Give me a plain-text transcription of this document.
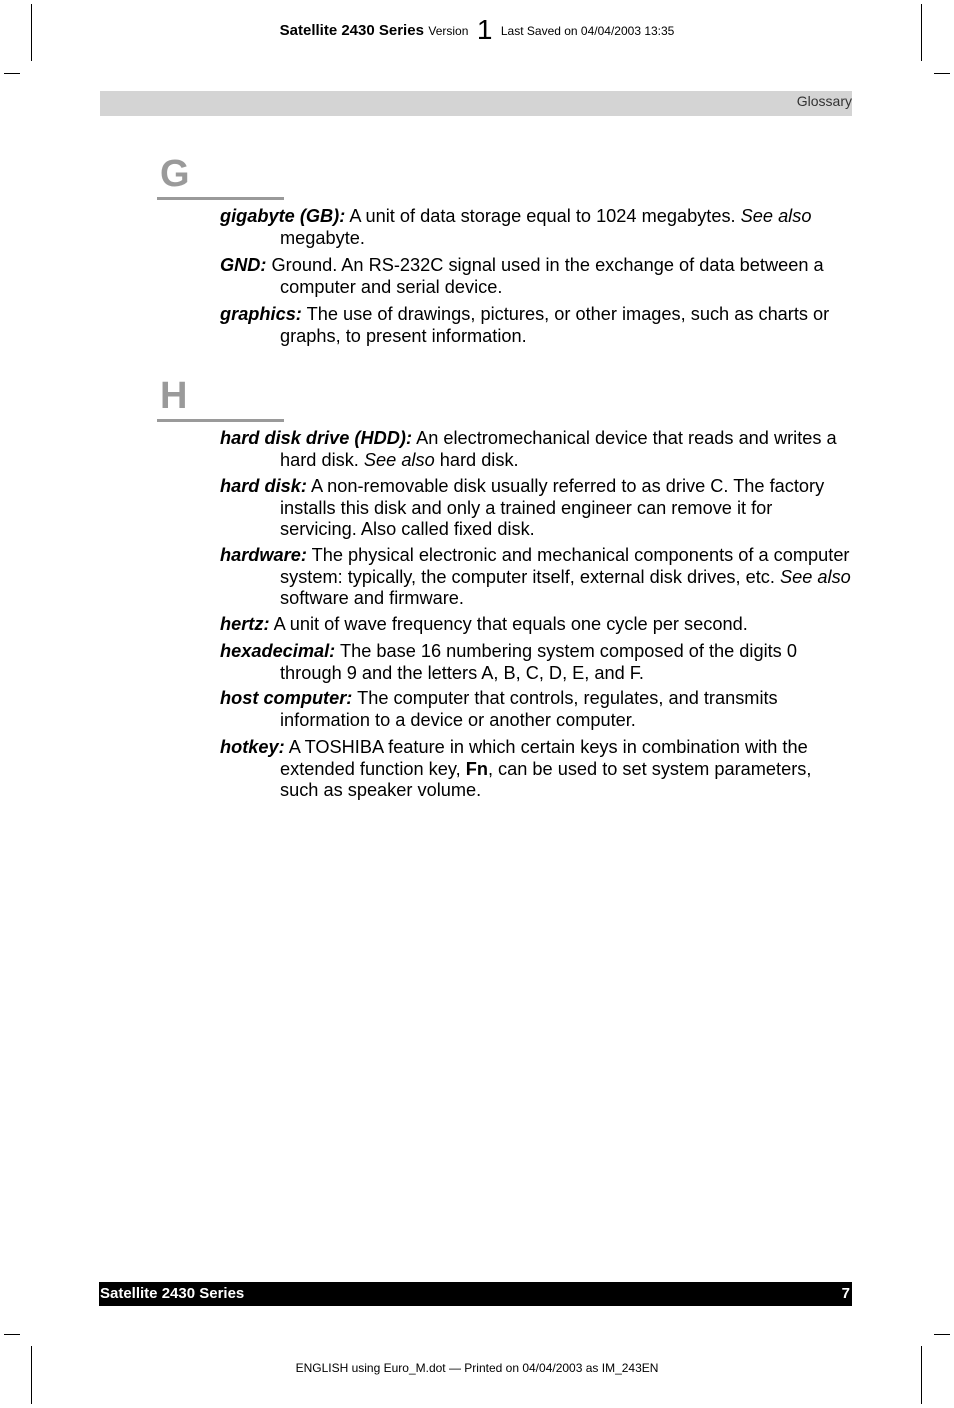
Satellite 2430 Series Version 1 Last Saved on 04/04/2003 13:35
Glossary
G
gigabyte (GB): A unit of data storage equal to 1024 megabytes. See also megabyte.
GND: Ground. An RS-232C signal used in the exchange of data between a computer and serial device.
graphics: The use of drawings, pictures, or other images, such as charts or graphs, to present information.
H
hard disk drive (HDD): An electromechanical device that reads and writes a hard disk. See also hard disk.
hard disk: A non-removable disk usually referred to as drive C. The factory installs this disk and only a trained engineer can remove it for servicing. Also called fixed disk.
hardware: The physical electronic and mechanical components of a computer system: typically, the computer itself, external disk drives, etc. See also software and firmware.
hertz: A unit of wave frequency that equals one cycle per second.
hexadecimal: The base 16 numbering system composed of the digits 0 through 9 and the letters A, B, C, D, E, and F.
host computer: The computer that controls, regulates, and transmits information to a device or another computer.
hotkey: A TOSHIBA feature in which certain keys in combination with the extended function key, Fn, can be used to set system parameters, such as speaker volume.
Satellite 2430 Series	7
ENGLISH using Euro_M.dot — Printed on 04/04/2003 as IM_243EN
